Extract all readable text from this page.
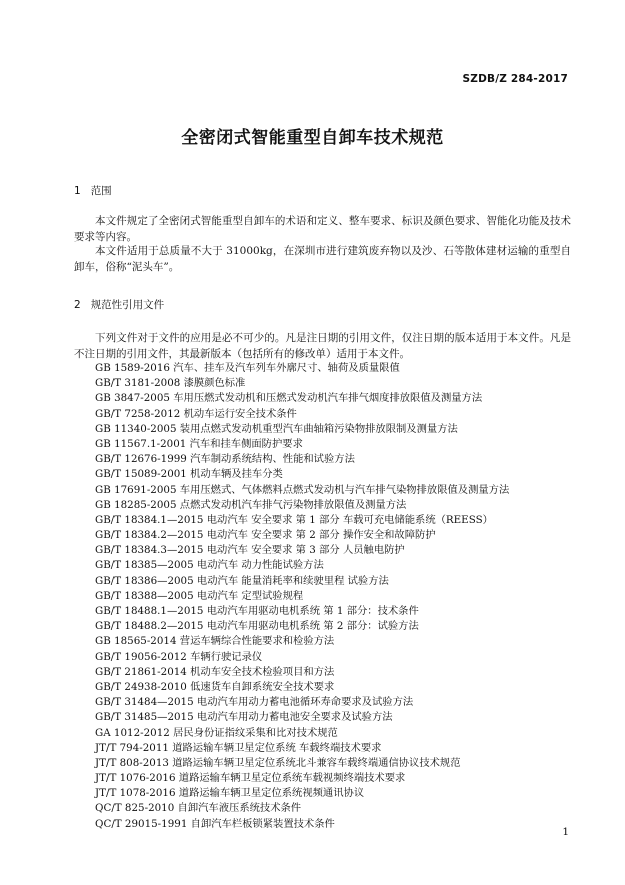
SZDB/Z 284-2017
全密闭式智能重型自卸车技术规范
1 范围
本文件规定了全密闭式智能重型自卸车的术语和定义、整车要求、标识及颜色要求、智能化功能及技术要求等内容。
本文件适用于总质量不大于 31000kg，在深圳市进行建筑废弃物以及沙、石等散体建材运输的重型自卸车，俗称“泥头车”。
2 规范性引用文件
下列文件对于文件的应用是必不可少的。凡是注日期的引用文件，仅注日期的版本适用于本文件。凡是不注日期的引用文件，其最新版本（包括所有的修改单）适用于本文件。
GB 1589-2016 汽车、挂车及汽车列车外廓尺寸、轴荷及质量限值
GB/T 3181-2008 漆膜颜色标准
GB 3847-2005 车用压燃式发动机和压燃式发动机汽车排气烟度排放限值及测量方法
GB/T 7258-2012 机动车运行安全技术条件
GB 11340-2005 装用点燃式发动机重型汽车曲轴箱污染物排放限制及测量方法
GB 11567.1-2001 汽车和挂车侧面防护要求
GB/T 12676-1999 汽车制动系统结构、性能和试验方法
GB/T 15089-2001 机动车辆及挂车分类
GB 17691-2005 车用压燃式、气体燃料点燃式发动机与汽车排气染物排放限值及测量方法
GB 18285-2005 点燃式发动机汽车排气污染物排放限值及测量方法
GB/T 18384.1—2015 电动汽车 安全要求 第 1 部分 车载可充电储能系统（REESS）
GB/T 18384.2—2015 电动汽车 安全要求 第 2 部分 操作安全和故障防护
GB/T 18384.3—2015 电动汽车 安全要求 第 3 部分 人员触电防护
GB/T 18385—2005 电动汽车 动力性能试验方法
GB/T 18386—2005 电动汽车 能量消耗率和续驶里程 试验方法
GB/T 18388—2005 电动汽车 定型试验规程
GB/T 18488.1—2015 电动汽车用驱动电机系统 第 1 部分：技术条件
GB/T 18488.2—2015 电动汽车用驱动电机系统 第 2 部分：试验方法
GB 18565-2014 营运车辆综合性能要求和检验方法
GB/T 19056-2012 车辆行驶记录仪
GB/T 21861-2014 机动车安全技术检验项目和方法
GB/T 24938-2010 低速货车自卸系统安全技术要求
GB/T 31484—2015 电动汽车用动力蓄电池循环寿命要求及试验方法
GB/T 31485—2015 电动汽车用动力蓄电池安全要求及试验方法
GA 1012-2012 居民身份证指纹采集和比对技术规范
JT/T 794-2011 道路运输车辆卫星定位系统 车载终端技术要求
JT/T 808-2013 道路运输车辆卫星定位系统北斗兼容车载终端通信协议技术规范
JT/T 1076-2016 道路运输车辆卫星定位系统车载视频终端技术要求
JT/T 1078-2016 道路运输车辆卫星定位系统视频通讯协议
QC/T 825-2010 自卸汽车液压系统技术条件
QC/T 29015-1991 自卸汽车栏板锁紧装置技术条件
1
